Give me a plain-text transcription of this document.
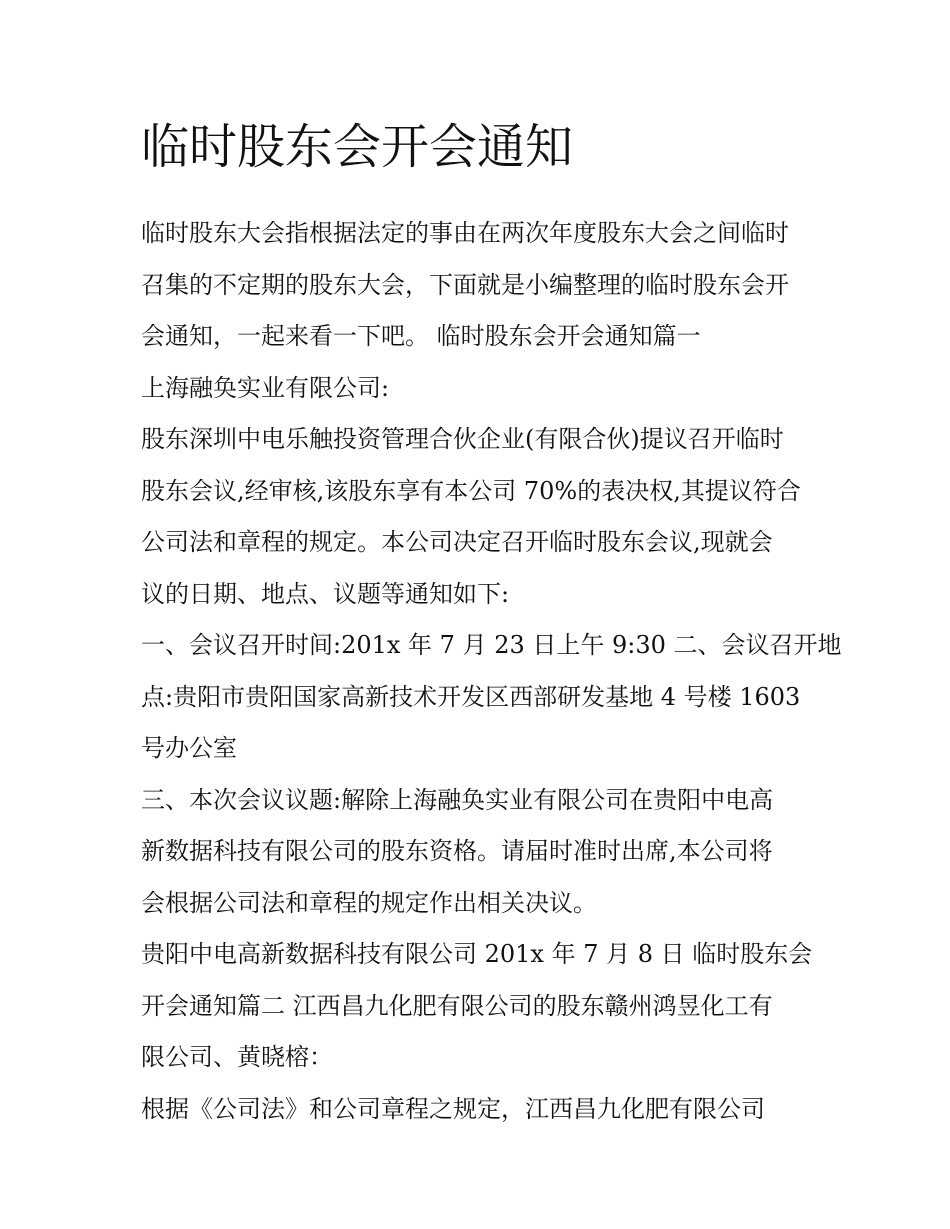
临时股东会开会通知

临时股东大会指根据法定的事由在两次年度股东大会之间临时

召集的不定期的股东大会，下面就是小编整理的临时股东会开

会通知，一起来看一下吧。 临时股东会开会通知篇一

上海融奂实业有限公司:

股东深圳中电乐触投资管理合伙企业(有限合伙)提议召开临时

股东会议,经审核,该股东享有本公司 70%的表决权,其提议符合

公司法和章程的规定。本公司决定召开临时股东会议,现就会

议的日期、地点、议题等通知如下:

一、会议召开时间:201x 年 7 月 23 日上午 9:30 二、会议召开地

点:贵阳市贵阳国家高新技术开发区西部研发基地 4 号楼 1603

号办公室

三、本次会议议题:解除上海融奂实业有限公司在贵阳中电高

新数据科技有限公司的股东资格。请届时准时出席,本公司将

会根据公司法和章程的规定作出相关决议。

贵阳中电高新数据科技有限公司 201x 年 7 月 8 日 临时股东会

开会通知篇二 江西昌九化肥有限公司的股东赣州鸿昱化工有

限公司、黄晓榕：

根据《公司法》和公司章程之规定，江西昌九化肥有限公司
